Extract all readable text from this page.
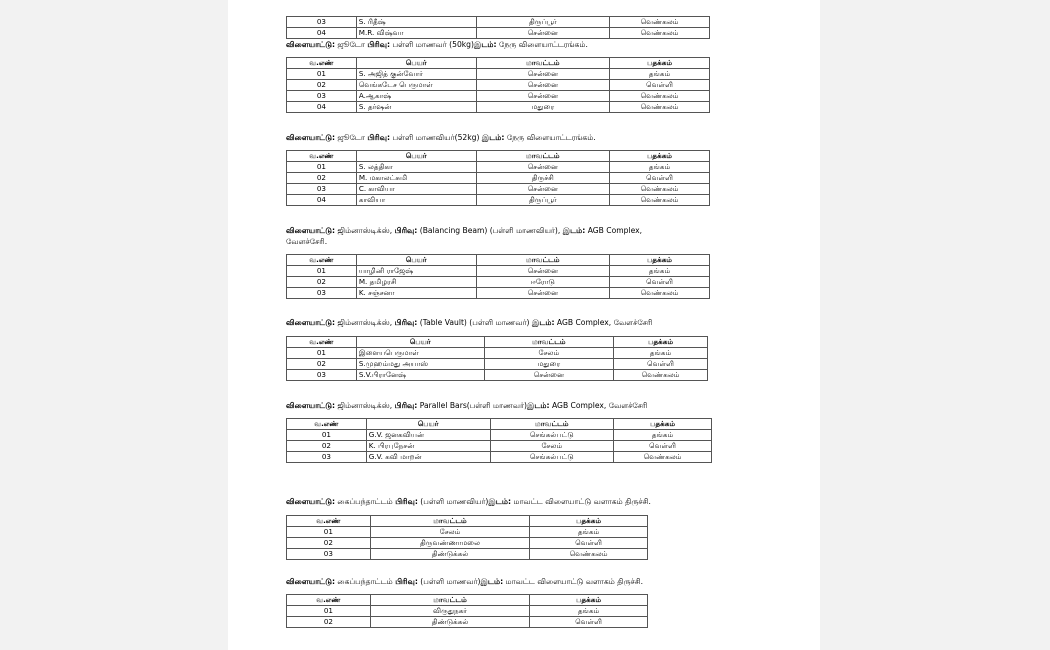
03	S. ரிதீஷ்	திருப்பூர்	வெண்கலம்
04	M.R. விஷ்வா	சென்னை	வெண்கலம்
விளையாட்டு: ஜூடோ பிரிவு: பள்ளி மாணவர் (50kg)இடம்: நேரு விளையாட்டரங்கம்.
வ.எண்	பெயர்	மாவட்டம்	பதக்கம்
01	S. அஜித் குன்வோர்	சென்னை	தங்கம்
02	வெங்கடேச பெருமாள்	சென்னை	வெள்ளி
03	A.ஆகாஷ்	சென்னை	வெண்கலம்
04	S. தர்ஷன்	மதுரை	வெண்கலம்
விளையாட்டு: ஜூடோ பிரிவு: பள்ளி மாணவியர்(52kg) இடம்: நேரு விளையாட்டரங்கம்.
வ.எண்	பெயர்	மாவட்டம்	பதக்கம்
01	S. லத்திகா	சென்னை	தங்கம்
02	M. மகாலட்சுமி	திருச்சி	வெள்ளி
03	C. காவியா	சென்னை	வெண்கலம்
04	காவியா	திருப்பூர்	வெண்கலம்
விளையாட்டு: ஜிம்னாஸ்டிக்ஸ், பிரிவு: (Balancing Beam) (பள்ளி மாணவியர்), இடம்: AGB Complex,
வேளச்சேரி.
வ.எண்	பெயர்	மாவட்டம்	பதக்கம்
01	யாழினி ராஜேஷ்	சென்னை	தங்கம்
02	M. தமிழரசி	ஈரோடு	வெள்ளி
03	K. சஞ்சனா	சென்னை	வெண்கலம்
விளையாட்டு: ஜிம்னாஸ்டிக்ஸ், பிரிவு: (Table Vault) (பள்ளி மாணவர்) இடம்: AGB Complex, வேளச்சேரி
வ.எண்	பெயர்	மாவட்டம்	பதக்கம்
01	இளையபெருமாள்	சேலம்	தங்கம்
02	S.முஹம்மது அயாஸ்	மதுரை	வெள்ளி
03	S.V.பிரானேஷ்	சென்னை	வெண்கலம்
விளையாட்டு: ஜிம்னாஸ்டிக்ஸ், பிரிவு: Parallel Bars(பள்ளி மாணவர்)இடம்: AGB Complex, வேளச்சேரி
வ.எண்	பெயர்	மாவட்டம்	பதக்கம்
01	G.V. ஜனகவியன்	செங்கல்பட்டு	தங்கம்
02	K. பிரபுநேசன்	சேலம்	வெள்ளி
03	G.V. கவி மாறன்	செங்கல்பட்டு	வெண்கலம்
விளையாட்டு: கைப்பந்தாட்டம் பிரிவு: (பள்ளி மாணவியர்)இடம்: மாவட்ட விளையாட்டு வளாகம் திருச்சி.
வ.எண்	மாவட்டம்	பதக்கம்
01	சேலம்	தங்கம்
02	திருவண்ணாமலை	வெள்ளி
03	திண்டுக்கல்	வெண்கலம்
விளையாட்டு: கைப்பந்தாட்டம் பிரிவு: (பள்ளி மாணவர்)இடம்: மாவட்ட விளையாட்டு வளாகம் திருச்சி.
வ.எண்	மாவட்டம்	பதக்கம்
01	விருதுநகர்	தங்கம்
02	திண்டுக்கல்	வெள்ளி
